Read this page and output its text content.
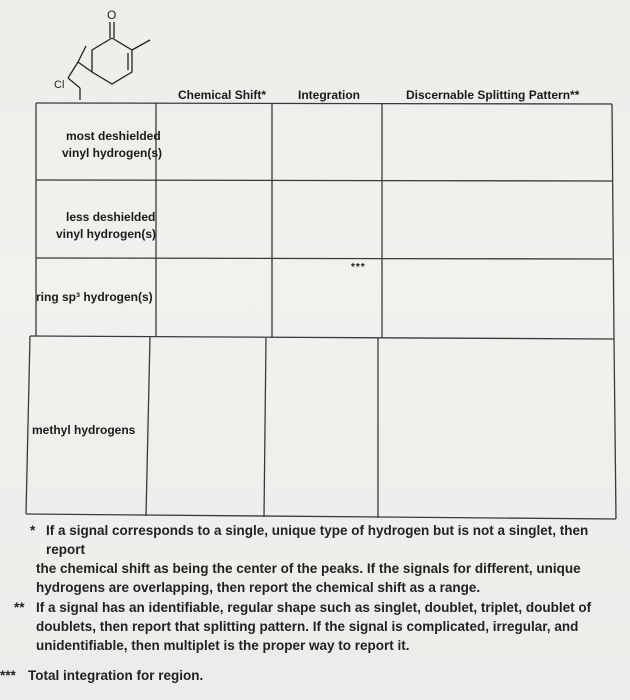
O
Cl
Chemical Shift*	Integration	Discernable Splitting Pattern**
most deshielded
vinyl hydrogen(s)
less deshielded
vinyl hydrogen(s)
ring sp³ hydrogen(s)
methyl hydrogens
***
* If a signal corresponds to a single, unique type of hydrogen but is not a singlet, then report
the chemical shift as being the center of the peaks. If the signals for different, unique
hydrogens are overlapping, then report the chemical shift as a range.
** If a signal has an identifiable, regular shape such as singlet, doublet, triplet, doublet of
doublets, then report that splitting pattern. If the signal is complicated, irregular, and
unidentifiable, then multiplet is the proper way to report it.
*** Total integration for region.
